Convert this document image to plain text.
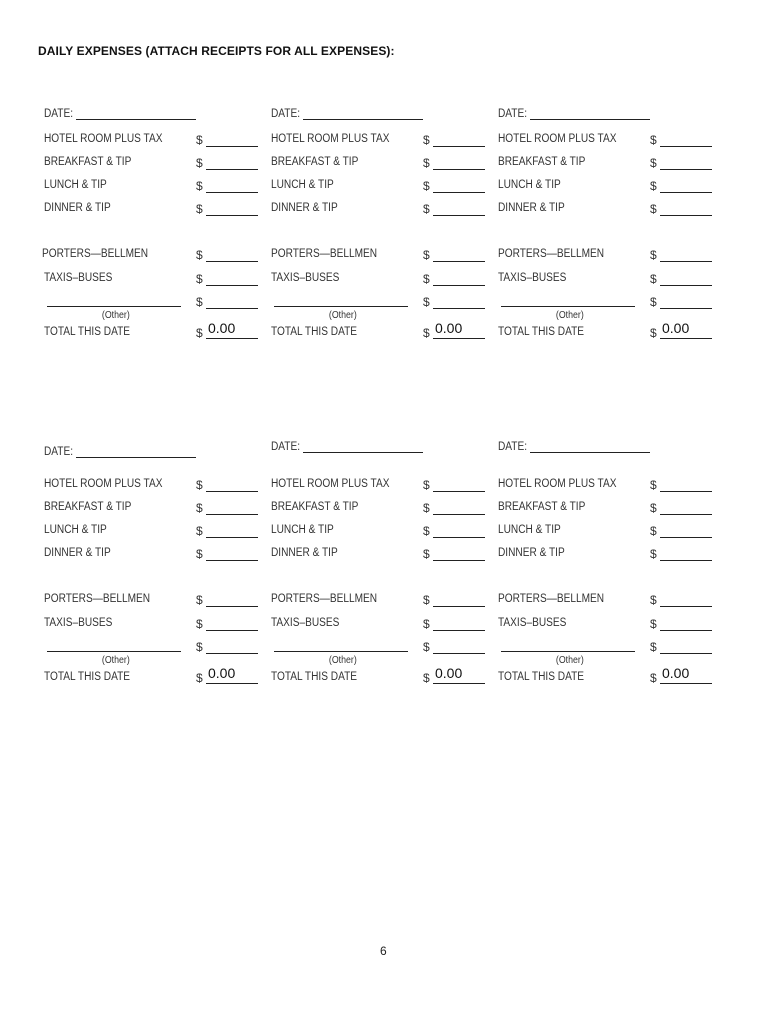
DAILY EXPENSES (ATTACH RECEIPTS FOR ALL EXPENSES):
DATE:
HOTEL ROOM PLUS TAX	$
BREAKFAST & TIP	$
LUNCH & TIP	$
DINNER & TIP	$
PORTERS—BELLMEN	$
TAXIS–BUSES	$
$
(Other)
TOTAL THIS DATE	$ 0.00
DATE:
HOTEL ROOM PLUS TAX	$
BREAKFAST & TIP	$
LUNCH & TIP	$
DINNER & TIP	$
PORTERS—BELLMEN	$
TAXIS–BUSES	$
$
(Other)
TOTAL THIS DATE	$ 0.00
DATE:
HOTEL ROOM PLUS TAX	$
BREAKFAST & TIP	$
LUNCH & TIP	$
DINNER & TIP	$
PORTERS—BELLMEN	$
TAXIS–BUSES	$
$
(Other)
TOTAL THIS DATE	$ 0.00
DATE:
HOTEL ROOM PLUS TAX	$
BREAKFAST & TIP	$
LUNCH & TIP	$
DINNER & TIP	$
PORTERS—BELLMEN	$
TAXIS–BUSES	$
$
(Other)
TOTAL THIS DATE	$ 0.00
DATE:
HOTEL ROOM PLUS TAX	$
BREAKFAST & TIP	$
LUNCH & TIP	$
DINNER & TIP	$
PORTERS—BELLMEN	$
TAXIS–BUSES	$
$
(Other)
TOTAL THIS DATE	$ 0.00
DATE:
HOTEL ROOM PLUS TAX	$
BREAKFAST & TIP	$
LUNCH & TIP	$
DINNER & TIP	$
PORTERS—BELLMEN	$
TAXIS–BUSES	$
$
(Other)
TOTAL THIS DATE	$ 0.00
6
